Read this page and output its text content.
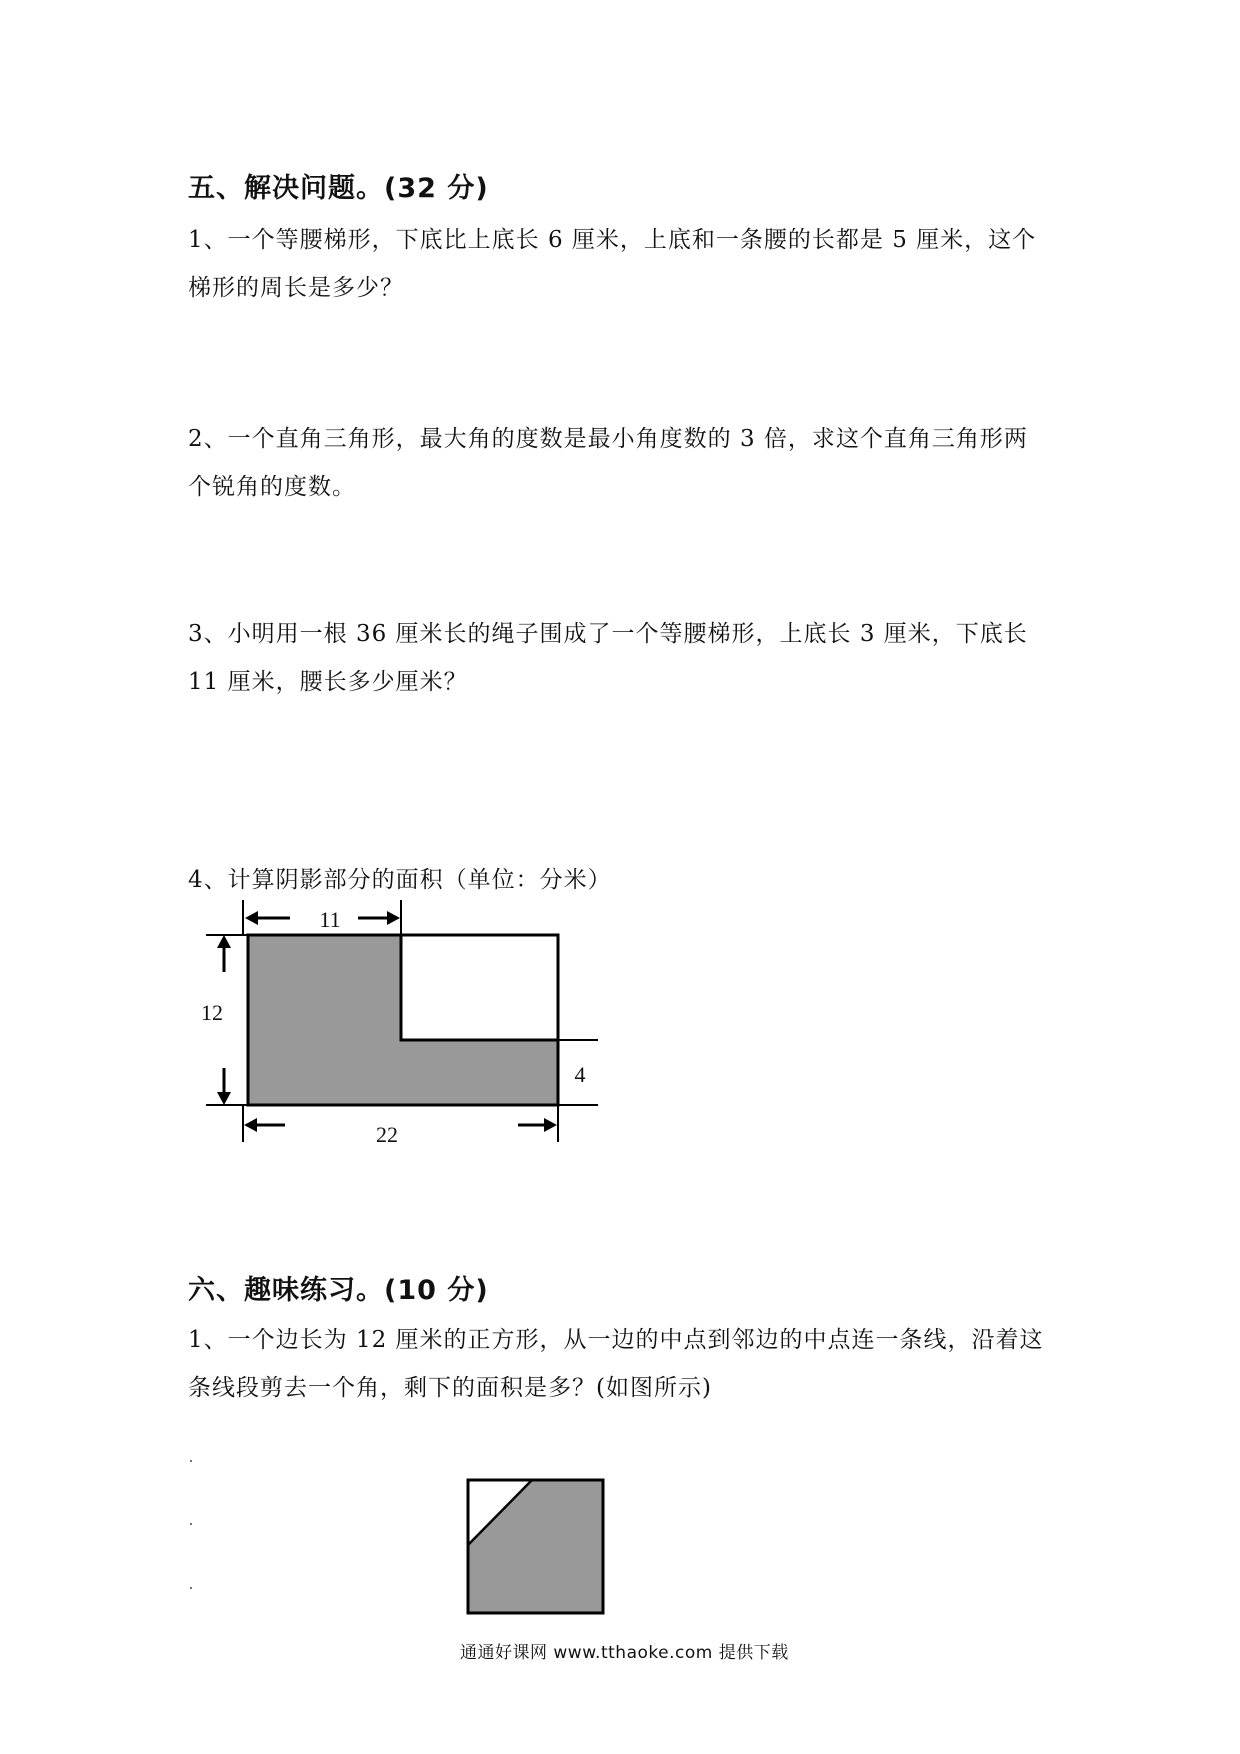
五、解决问题。(32 分)
1、一个等腰梯形，下底比上底长 6 厘米，上底和一条腰的长都是 5 厘米，这个
梯形的周长是多少？
2、一个直角三角形，最大角的度数是最小角度数的 3 倍，求这个直角三角形两
个锐角的度数。
3、小明用一根 36 厘米长的绳子围成了一个等腰梯形，上底长 3 厘米，下底长
11 厘米，腰长多少厘米？
4、计算阴影部分的面积（单位：分米）
11
12
4
22
六、趣味练习。(10 分)
1、一个边长为 12 厘米的正方形，从一边的中点到邻边的中点连一条线，沿着这
条线段剪去一个角，剩下的面积是多？(如图所示)
通通好课网 www.tthaoke.com 提供下载
